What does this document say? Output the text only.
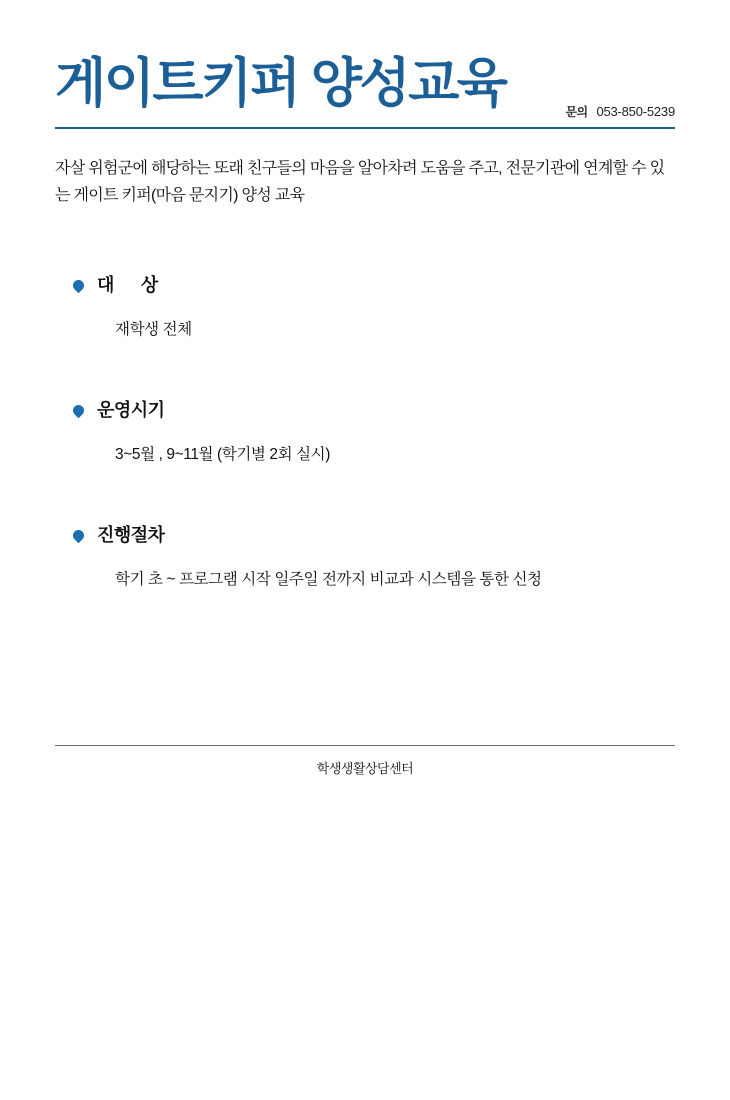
게이트키퍼 양성교육	문의 053-850-5239

자살 위험군에 해당하는 또래 친구들의 마음을 알아차려 도움을 주고, 전문기관에 연계할 수 있는 게이트 키퍼(마음 문지기) 양성 교육

대      상
재학생 전체
운영시기
3~5월 , 9~11월 (학기별 2회 실시)
진행절차
학기 초 ~ 프로그램 시작 일주일 전까지 비교과 시스템을 통한 신청
학생생활상담센터
